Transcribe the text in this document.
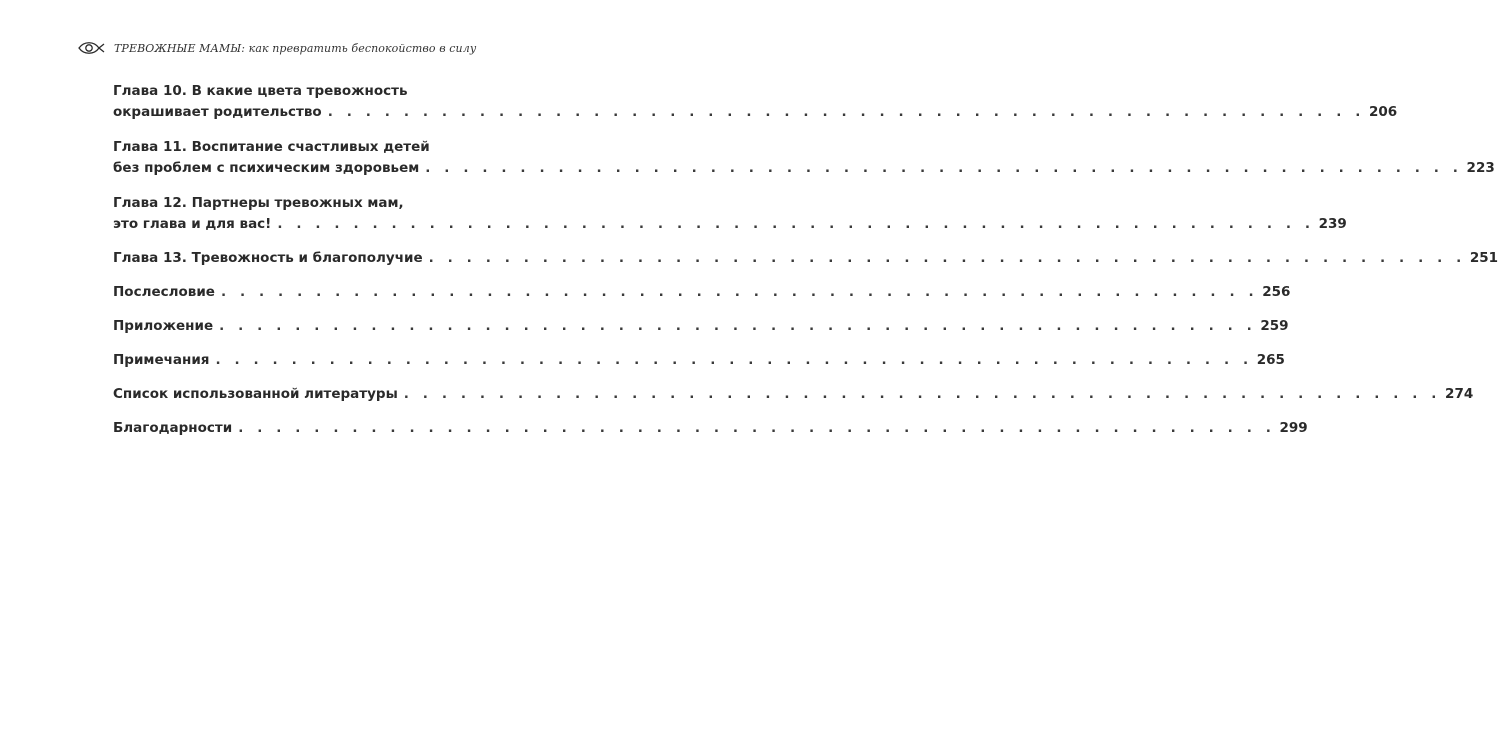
ТРЕВОЖНЫЕ МАМЫ: как превратить беспокойство в силу
Глава 10. В какие цвета тревожность
окрашивает родительство . . . . . . . . . . . . . . . . . . . . . . . . . . . . . . . . . . . . . . . . . . . . . . . . . . . . . . . 206
Глава 11. Воспитание счастливых детей
без проблем с психическим здоровьем . . . . . . . . . . . . . . . . . . . . . . . . . . . . . . . . . . . . . . . . . . . . . . . . . . . . . . . 223
Глава 12. Партнеры тревожных мам,
это глава и для вас! . . . . . . . . . . . . . . . . . . . . . . . . . . . . . . . . . . . . . . . . . . . . . . . . . . . . . . . 239
Глава 13. Тревожность и благополучие . . . . . . . . . . . . . . . . . . . . . . . . . . . . . . . . . . . . . . . . . . . . . . . . . . . . . . . 251
Послесловие . . . . . . . . . . . . . . . . . . . . . . . . . . . . . . . . . . . . . . . . . . . . . . . . . . . . . . . 256
Приложение . . . . . . . . . . . . . . . . . . . . . . . . . . . . . . . . . . . . . . . . . . . . . . . . . . . . . . . 259
Примечания . . . . . . . . . . . . . . . . . . . . . . . . . . . . . . . . . . . . . . . . . . . . . . . . . . . . . . . 265
Список использованной литературы . . . . . . . . . . . . . . . . . . . . . . . . . . . . . . . . . . . . . . . . . . . . . . . . . . . . . . . 274
Благодарности . . . . . . . . . . . . . . . . . . . . . . . . . . . . . . . . . . . . . . . . . . . . . . . . . . . . . . . 299
